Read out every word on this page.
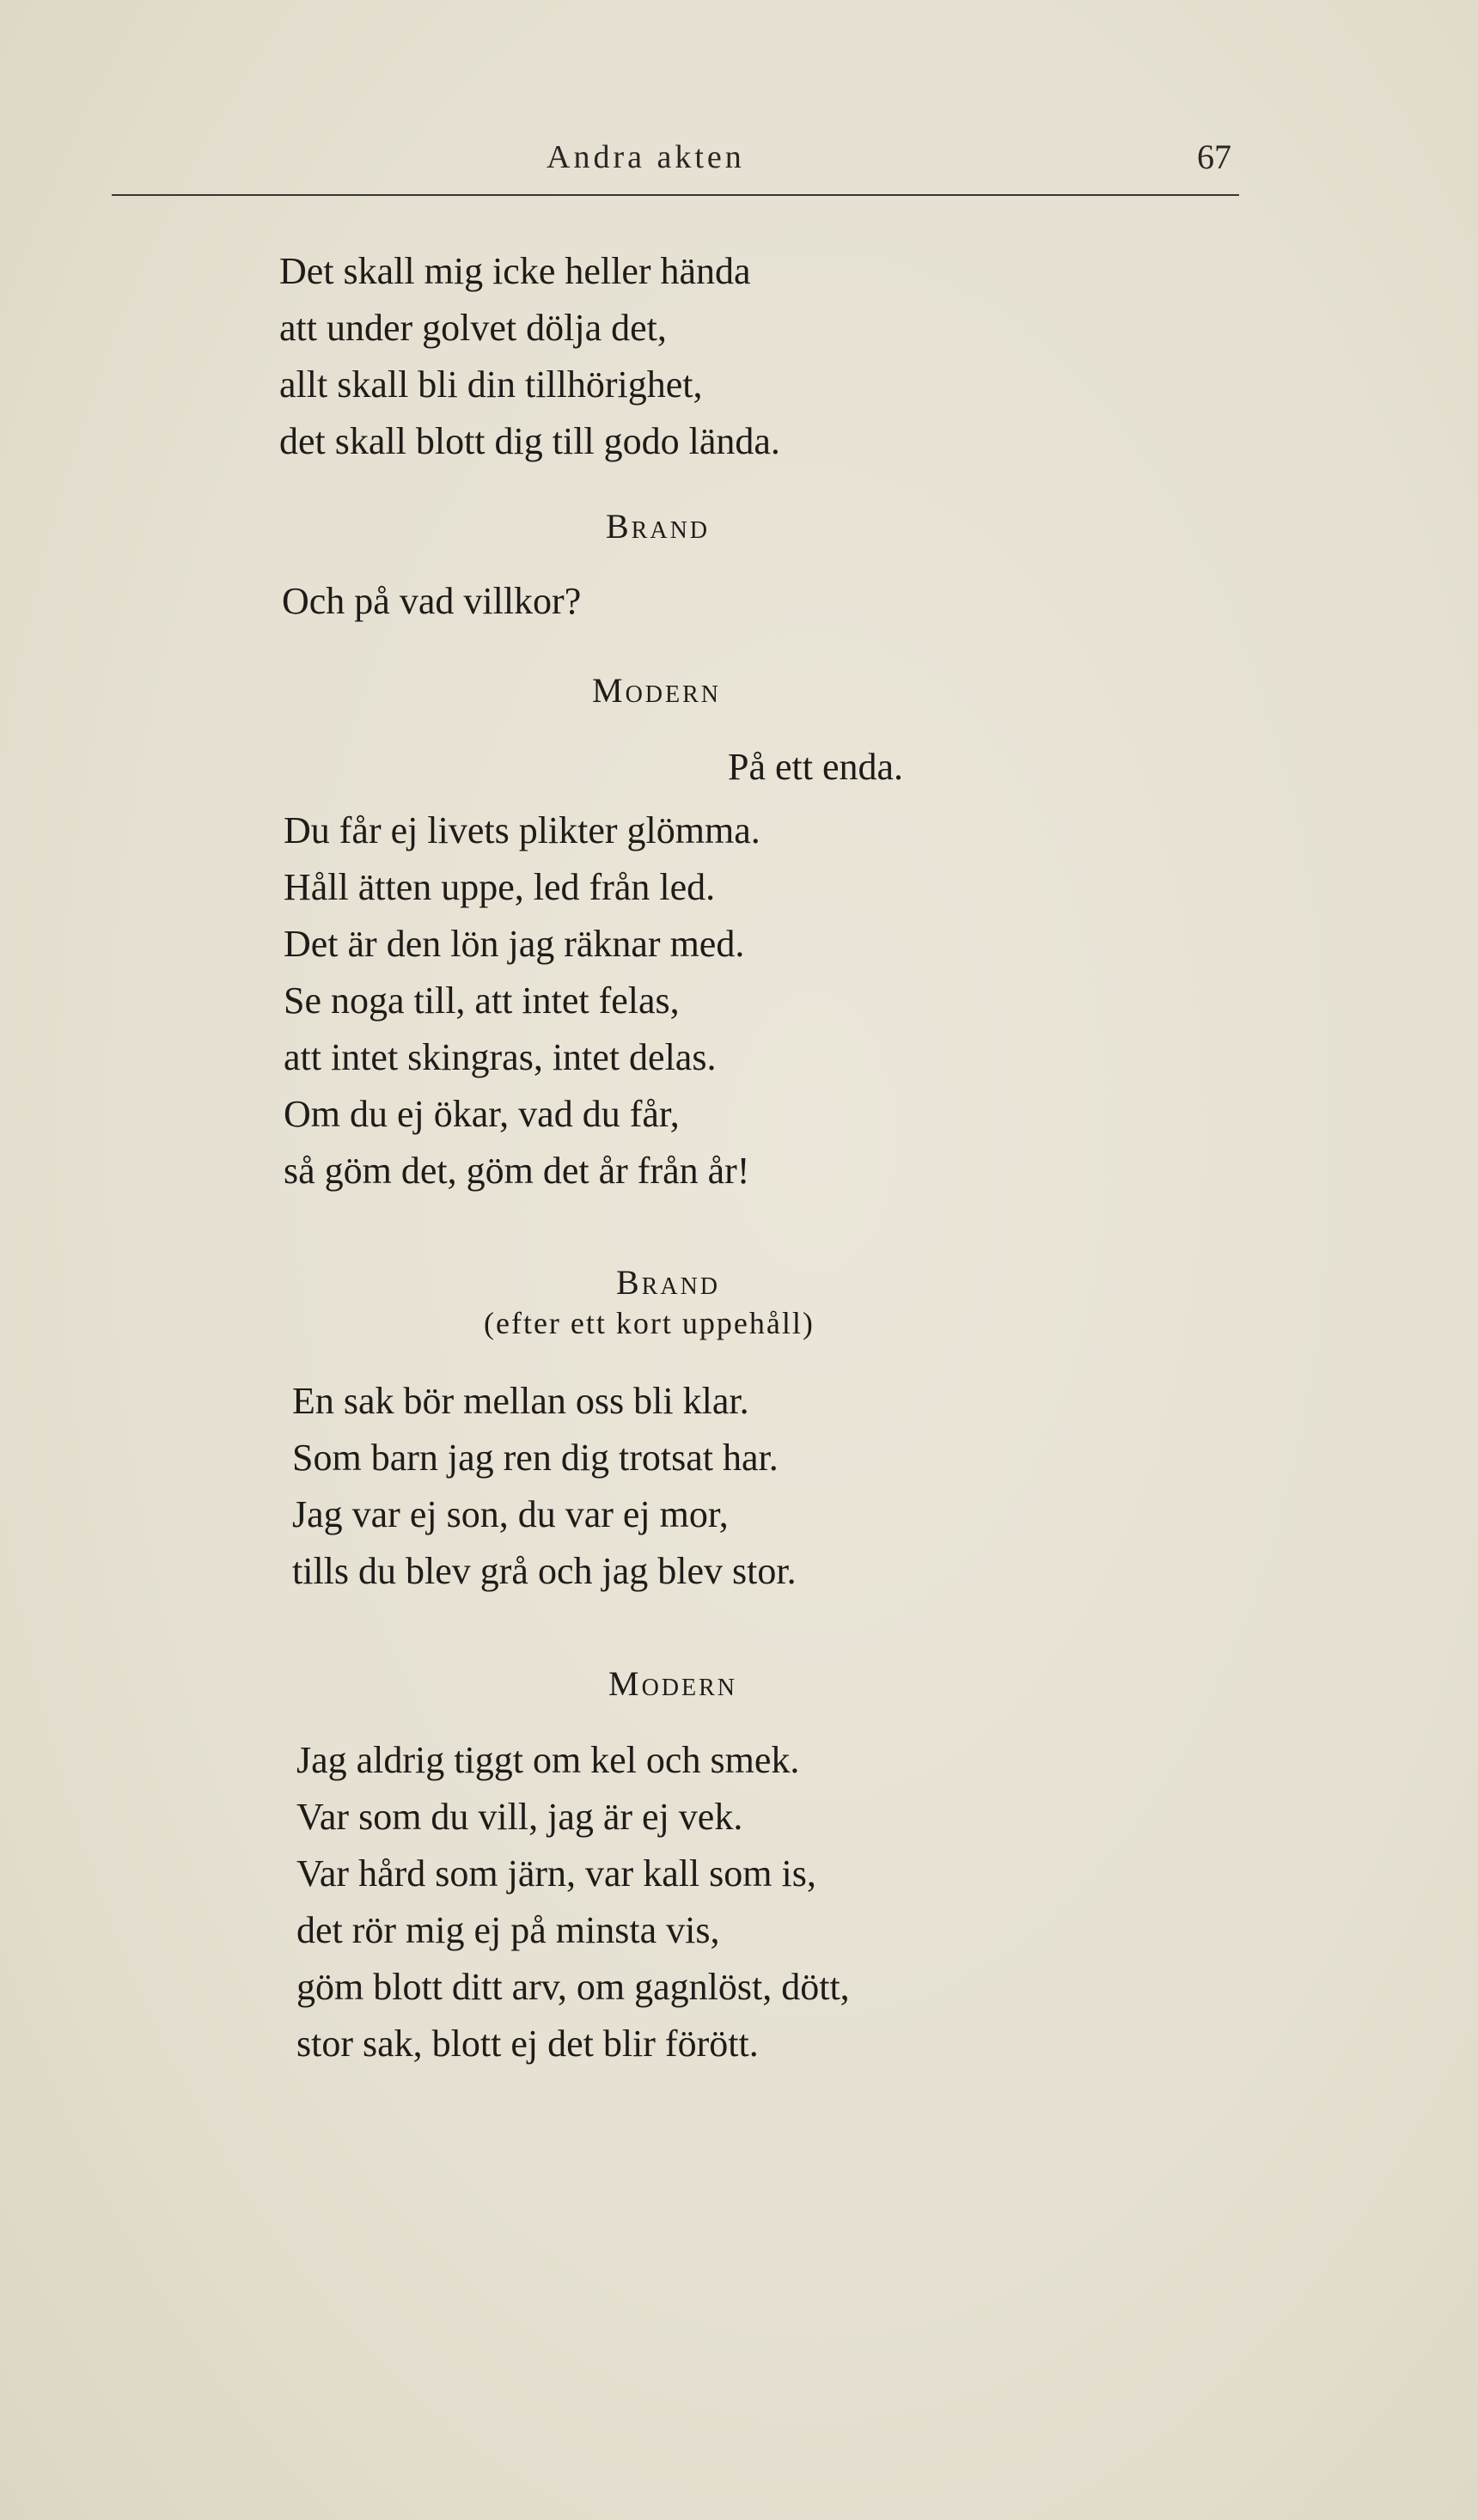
Andra akten	67
Det skall mig icke heller hända
att under golvet dölja det,
allt skall bli din tillhörighet,
det skall blott dig till godo lända.
Brand
Och på vad villkor?
Modern
På ett enda.
Du får ej livets plikter glömma.
Håll ätten uppe, led från led.
Det är den lön jag räknar med.
Se noga till, att intet felas,
att intet skingras, intet delas.
Om du ej ökar, vad du får,
så göm det, göm det år från år!
Brand
(efter ett kort uppehåll)
En sak bör mellan oss bli klar.
Som barn jag ren dig trotsat har.
Jag var ej son, du var ej mor,
tills du blev grå och jag blev stor.
Modern
Jag aldrig tiggt om kel och smek.
Var som du vill, jag är ej vek.
Var hård som järn, var kall som is,
det rör mig ej på minsta vis,
göm blott ditt arv, om gagnlöst, dött,
stor sak, blott ej det blir förött.
